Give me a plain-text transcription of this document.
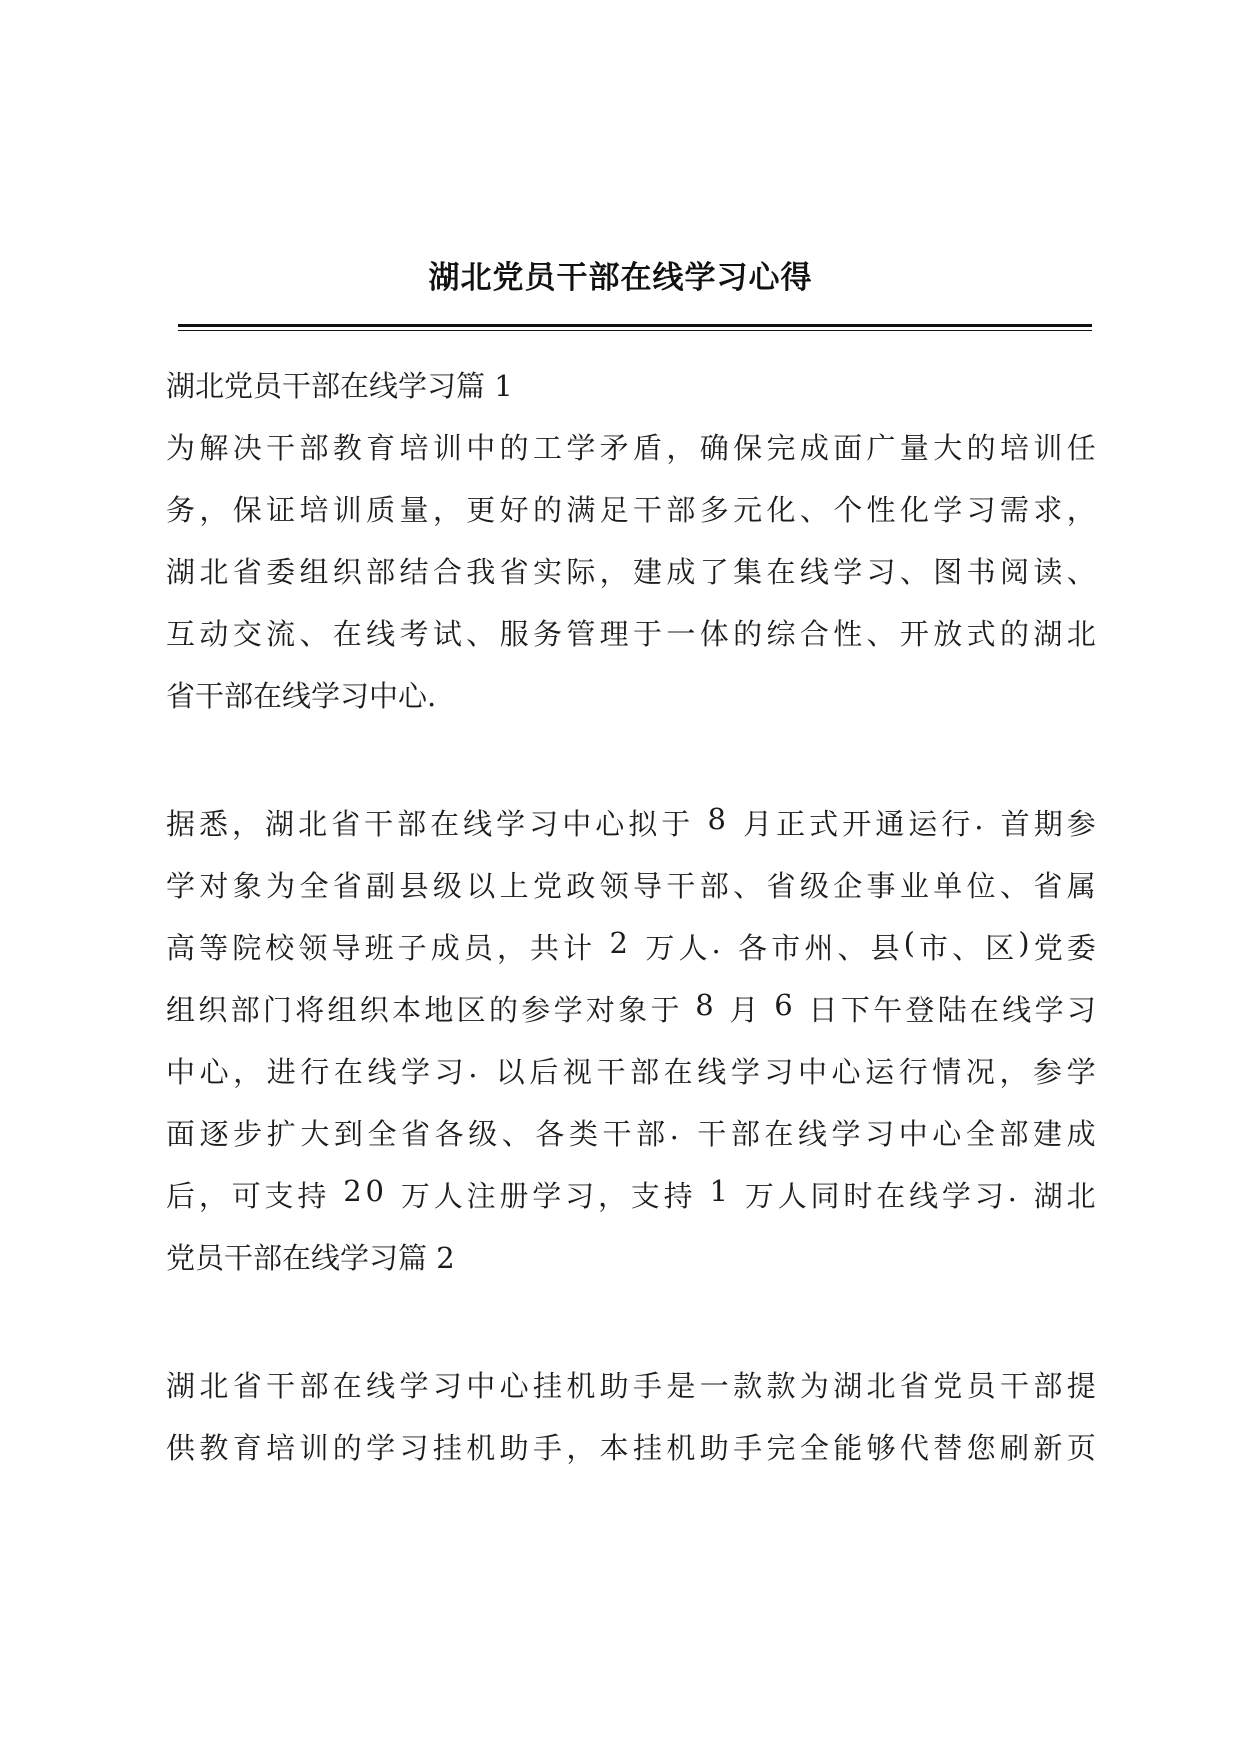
湖北党员干部在线学习心得
湖北党员干部在线学习篇 1
为 解 决 干 部 教 育 培 训 中 的 工 学 矛 盾 ， 确 保 完 成 面 广 量 大 的 培 训 任
务 ， 保 证 培 训 质 量 ， 更 好 的 满 足 干 部 多 元 化 、 个 性 化 学 习 需 求 ，
湖 北 省 委 组 织 部 结 合 我 省 实 际 ， 建 成 了 集 在 线 学 习 、 图 书 阅 读 、
互 动 交 流 、 在 线 考 试 、 服 务 管 理 于 一 体 的 综 合 性 、 开 放 式 的 湖 北
省干部在线学习中心.
据 悉 ， 湖 北 省 干 部 在 线 学 习 中 心 拟 于
8
月 正 式 开 通 运 行 .
首 期 参
学 对 象 为 全 省 副 县 级 以 上 党 政 领 导 干 部 、 省 级 企 事 业 单 位 、 省 属
高 等 院 校 领 导 班 子 成 员 ， 共 计
2
万 人 .
各 市 州 、 县 ( 市 、 区 ) 党 委
组 织 部 门 将 组 织 本 地 区 的 参 学 对 象 于
8
月
6
日 下 午 登 陆 在 线 学 习
中 心 ， 进 行 在 线 学 习 .
以 后 视 干 部 在 线 学 习 中 心 运 行 情 况 ， 参 学
面 逐 步 扩 大 到 全 省 各 级 、 各 类 干 部 .
干 部 在 线 学 习 中 心 全 部 建 成
后 ， 可 支 持
2 0
万 人 注 册 学 习 ， 支 持
1
万 人 同 时 在 线 学 习 .
湖 北
党员干部在线学习篇 2
湖 北 省 干 部 在 线 学 习 中 心 挂 机 助 手 是 一 款 款 为 湖 北 省 党 员 干 部 提
供 教 育 培 训 的 学 习 挂 机 助 手 ， 本 挂 机 助 手 完 全 能 够 代 替 您 刷 新 页
